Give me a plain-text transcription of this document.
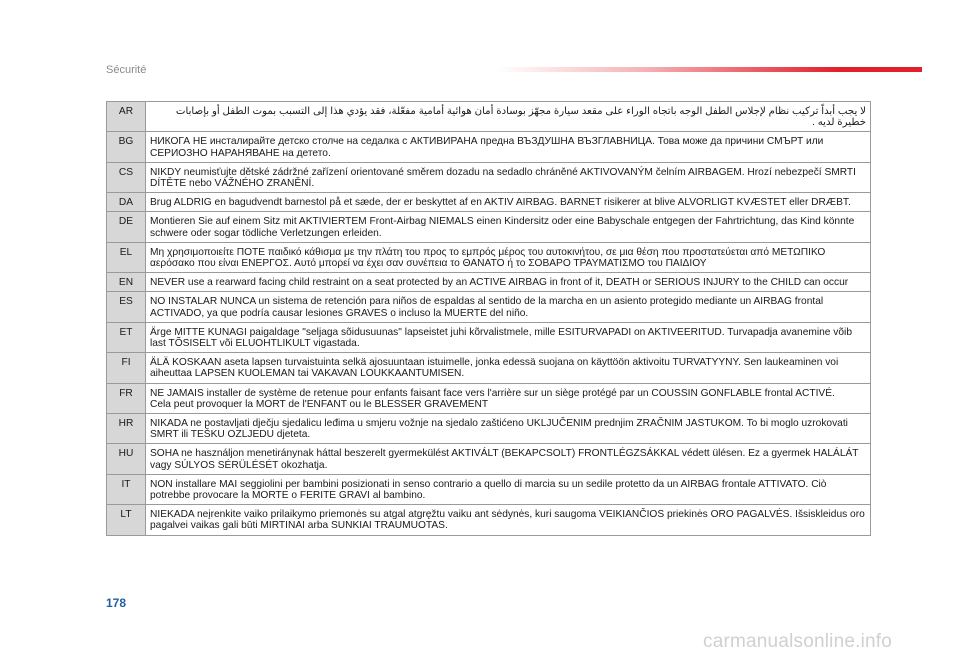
Sécurité
AR	لا يجب أبداً تركيب نظام لإجلاس الطفل الوجه باتجاه الوراء على مقعد سيارة مجهّز بوسادة أمان هوائية أمامية مفعّلة، فقد يؤدي هذا إلى التسبب بموت الطفل أو بإصابات خطيرة لديه .
BG	НИКОГА НЕ инсталирайте детско столче на седалка с АКТИВИРАНА предна ВЪЗДУШНА ВЪЗГЛАВНИЦА. Това може да причини СМЪРТ или СЕРИОЗНО НАРАНЯВАНЕ на детето.
CS	NIKDY neumisťujte dětské zádržné zařízení orientované směrem dozadu na sedadlo chráněné AKTIVOVANÝM čelním AIRBAGEM. Hrozí nebezpečí SMRTI DÍTĚTE nebo VÁŽNÉHO ZRANĚNÍ.
DA	Brug ALDRIG en bagudvendt barnestol på et sæde, der er beskyttet af en AKTIV AIRBAG. BARNET risikerer at blive ALVORLIGT KVÆSTET eller DRÆBT.
DE	Montieren Sie auf einem Sitz mit AKTIVIERTEM Front-Airbag NIEMALS einen Kindersitz oder eine Babyschale entgegen der Fahrtrichtung, das Kind könnte schwere oder sogar tödliche Verletzungen erleiden.
EL	Μη χρησιμοποιείτε ΠΟΤΕ παιδικό κάθισμα με την πλάτη του προς το εμπρός μέρος του αυτοκινήτου, σε μια θέση που προστατεύεται από ΜΕΤΩΠΙΚΟ αερόσακο που είναι ΕΝΕΡΓΟΣ. Αυτό μπορεί να έχει σαν συνέπεια το ΘΑΝΑΤΟ ή το ΣΟΒΑΡΟ ΤΡΑΥΜΑΤΙΣΜΟ του ΠΑΙΔΙΟΥ
EN	NEVER use a rearward facing child restraint on a seat protected by an ACTIVE AIRBAG in front of it, DEATH or SERIOUS INJURY to the CHILD can occur
ES	NO INSTALAR NUNCA un sistema de retención para niños de espaldas al sentido de la marcha en un asiento protegido mediante un AIRBAG frontal ACTIVADO, ya que podría causar lesiones GRAVES o incluso la MUERTE del niño.
ET	Ärge MITTE KUNAGI paigaldage "seljaga sõidusuunas" lapseistet juhi kõrvalistmele, mille ESITURVAPADI on AKTIVEERITUD. Turvapadja avanemine võib last TÕSISELT või ELUOHTLIKULT vigastada.
FI	ÄLÄ KOSKAAN aseta lapsen turvaistuinta selkä ajosuuntaan istuimelle, jonka edessä suojana on käyttöön aktivoitu TURVATYYNY. Sen laukeaminen voi aiheuttaa LAPSEN KUOLEMAN tai VAKAVAN LOUKKAANTUMISEN.
FR	NE JAMAIS installer de système de retenue pour enfants faisant face vers l'arrière sur un siège protégé par un COUSSIN GONFLABLE frontal ACTIVÉ.
Cela peut provoquer la MORT de l'ENFANT ou le BLESSER GRAVEMENT
HR	NIKADA ne postavljati dječju sjedalicu leđima u smjeru vožnje na sjedalo zaštićeno UKLJUČENIM prednjim ZRAČNIM JASTUKOM. To bi moglo uzrokovati SMRT ili TEŠKU OZLJEDU djeteta.
HU	SOHA ne használjon menetiránynak háttal beszerelt gyermekülést AKTIVÁLT (BEKAPCSOLT) FRONTLÉGZSÁKKAL védett ülésen. Ez a gyermek HALÁLÁT vagy SÚLYOS SÉRÜLÉSÉT okozhatja.
IT	NON installare MAI seggiolini per bambini posizionati in senso contrario a quello di marcia su un sedile protetto da un AIRBAG frontale ATTIVATO. Ciò potrebbe provocare la MORTE o FERITE GRAVI al bambino.
LT	NIEKADA neįrenkite vaiko prilaikymo priemonės su atgal atgręžtu vaiku ant sėdynės, kuri saugoma VEIKIANČIOS priekinės ORO PAGALVĖS. Išsiskleidus oro pagalvei vaikas gali būti MIRTINAI arba SUNKIAI TRAUMUOTAS.
178
carmanualsonline.info
